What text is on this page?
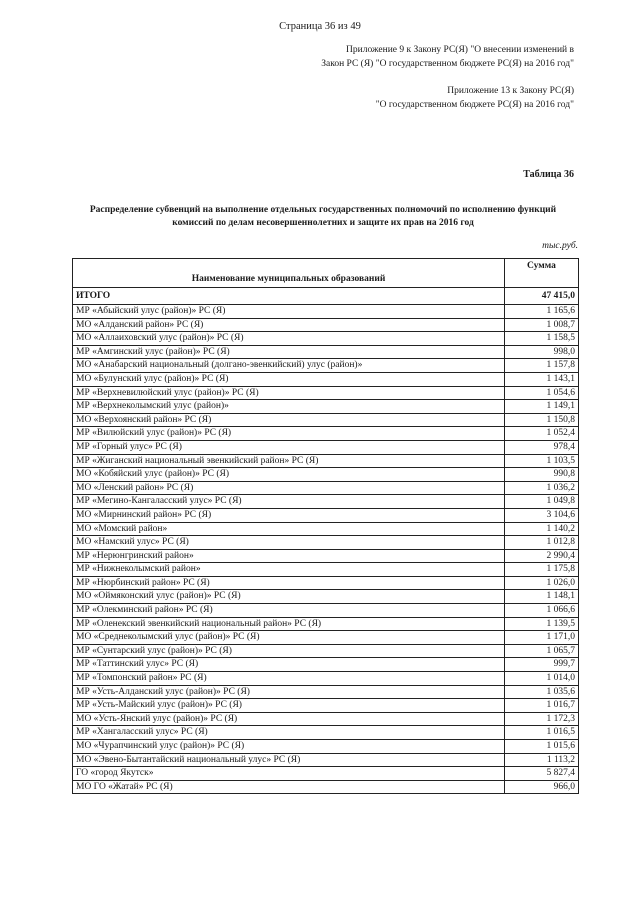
Страница 36 из 49
Приложение 9 к Закону РС(Я) "О внесении изменений в
Закон РС (Я) "О государственном бюджете РС(Я) на 2016 год"
Приложение 13 к Закону РС(Я)
"О государственном бюджете РС(Я) на 2016 год"
Таблица 36
Распределение субвенций на выполнение отдельных государственных полномочий по исполнению функций
комиссий по делам несовершеннолетних и защите их прав на 2016 год
тыс.руб.
Наименование муниципальных образований	Сумма
ИТОГО	47 415,0
МР «Абыйский улус (район)» РС (Я)	1 165,6
МО «Алданский район» РС (Я)	1 008,7
МО «Аллаиховский улус (район)» РС (Я)	1 158,5
МР «Амгинский улус (район)» РС (Я)	998,0
МО «Анабарский национальный (долгано-эвенкийский) улус (район)»	1 157,8
МО «Булунский улус (район)» РС (Я)	1 143,1
МР «Верхневилюйский улус (район)» РС (Я)	1 054,6
МР «Верхнеколымский улус (район)»	1 149,1
МО «Верхоянский район» РС (Я)	1 150,8
МР «Вилюйский улус (район)» РС (Я)	1 052,4
МР «Горный улус» РС (Я)	978,4
МР «Жиганский национальный эвенкийский район» РС (Я)	1 103,5
МО «Кобяйский улус (район)» РС (Я)	990,8
МО «Ленский район» РС (Я)	1 036,2
МР «Мегино-Кангаласский улус» РС (Я)	1 049,8
МО «Мирнинский район» РС (Я)	3 104,6
МО «Момский район»	1 140,2
МО «Намский улус» РС (Я)	1 012,8
МР «Нерюнгринский район»	2 990,4
МР «Нижнеколымский район»	1 175,8
МР «Нюрбинский район» РС (Я)	1 026,0
МО «Оймяконский улус (район)» РС (Я)	1 148,1
МР «Олекминский район» РС (Я)	1 066,6
МР «Оленекский эвенкийский национальный район» РС (Я)	1 139,5
МО «Среднеколымский улус (район)» РС (Я)	1 171,0
МР «Сунтарский улус (район)» РС (Я)	1 065,7
МР «Таттинский улус» РС (Я)	999,7
МР «Томпонский район» РС (Я)	1 014,0
МР «Усть-Алданский улус (район)» РС (Я)	1 035,6
МР «Усть-Майский улус (район)» РС (Я)	1 016,7
МО «Усть-Янский улус (район)» РС (Я)	1 172,3
МР «Хангаласский улус» РС (Я)	1 016,5
МО «Чурапчинский улус (район)» РС (Я)	1 015,6
МО «Эвено-Бытантайский национальный улус» РС (Я)	1 113,2
ГО «город Якутск»	5 827,4
МО ГО «Жатай» РС (Я)	966,0
